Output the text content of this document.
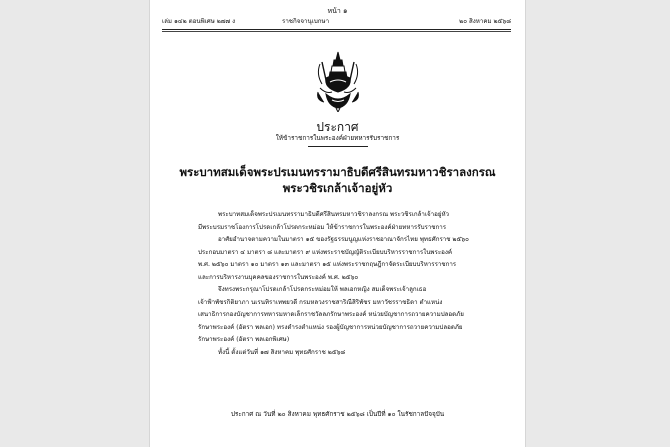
หน้า ๑
เล่ม ๑๔๒ ตอนพิเศษ ๒๗๗ ง	ราชกิจจานุเบกษา	๒๐ สิงหาคม ๒๕๖๘
ประกาศ
ให้ข้าราชการในพระองค์ฝ่ายทหารรับราชการ
พระบาทสมเด็จพระปรเมนทรรามาธิบดีศรีสินทรมหาวชิราลงกรณ
พระวชิรเกล้าเจ้าอยู่หัว

พระบาทสมเด็จพระปรเมนทรรามาธิบดีศรีสินทรมหาวชิราลงกรณ พระวชิรเกล้าเจ้าอยู่หัว

มีพระบรมราชโองการโปรดเกล้าโปรดกระหม่อม ให้ข้าราชการในพระองค์ฝ่ายทหารรับราชการ

อาศัยอำนาจตามความในมาตรา ๑๕ ของรัฐธรรมนูญแห่งราชอาณาจักรไทย พุทธศักราช ๒๕๖๐

ประกอบมาตรา ๔ มาตรา ๘ และมาตรา ๙ แห่งพระราชบัญญัติระเบียบบริหารราชการในพระองค์

พ.ศ. ๒๕๖๐ มาตรา ๑๐ มาตรา ๑๓ และมาตรา ๑๕ แห่งพระราชกฤษฎีกาจัดระเบียบบริหารราชการ

และการบริหารงานบุคคลของราชการในพระองค์ พ.ศ. ๒๕๖๐

จึงทรงพระกรุณาโปรดเกล้าโปรดกระหม่อมให้ พลเอกหญิง สมเด็จพระเจ้าลูกเธอ

เจ้าฟ้าพัชรกิติยาภา นเรนทิราเทพยวดี กรมหลวงราชสาริณีสิริพัชร มหาวัชรราชธิดา ตำแหน่ง

เสนาธิการกองบัญชาการทหารมหาดเล็กราชวัลลภรักษาพระองค์ หน่วยบัญชาการถวายความปลอดภัย

รักษาพระองค์ (อัตรา พลเอก) ทรงดำรงตำแหน่ง รองผู้บัญชาการหน่วยบัญชาการถวายความปลอดภัย

รักษาพระองค์ (อัตรา พลเอกพิเศษ)

ทั้งนี้ ตั้งแต่วันที่ ๑๗ สิงหาคม พุทธศักราช ๒๕๖๘

ประกาศ ณ วันที่ ๒๐ สิงหาคม พุทธศักราช ๒๕๖๘ เป็นปีที่ ๑๐ ในรัชกาลปัจจุบัน
